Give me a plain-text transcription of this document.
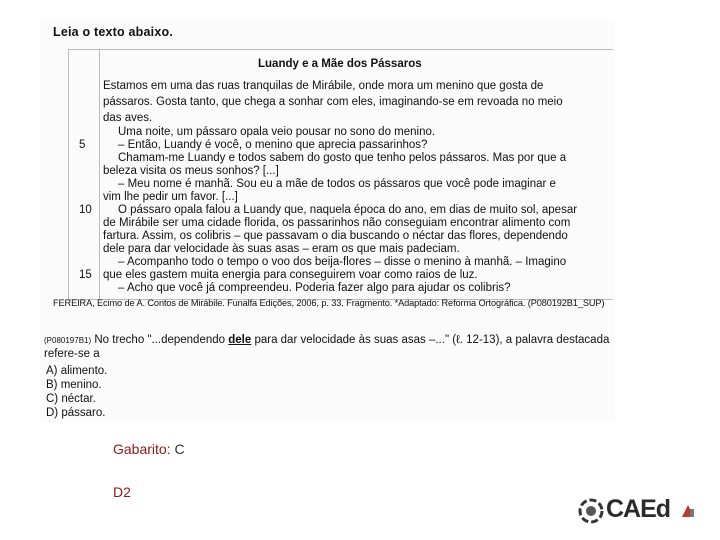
Leia o texto abaixo.
Luandy e a Mãe dos Pássaros
Estamos em uma das ruas tranquilas de Mirábile, onde mora um menino que gosta de
pássaros. Gosta tanto, que chega a sonhar com eles, imaginando-se em revoada no meio
das aves.
Uma noite, um pássaro opala veio pousar no sono do menino.
– Então, Luandy é você, o menino que aprecia passarinhos?
Chamam-me Luandy e todos sabem do gosto que tenho pelos pássaros. Mas por que a
beleza visita os meus sonhos? [...]
– Meu nome é manhã. Sou eu a mãe de todos os pássaros que você pode imaginar e
vim lhe pedir um favor. [...]
O pássaro opala falou a Luandy que, naquela época do ano, em dias de muito sol, apesar
de Mirábile ser uma cidade florida, os passarinhos não conseguiam encontrar alimento com
fartura. Assim, os colibris – que passavam o dia buscando o néctar das flores, dependendo
dele para dar velocidade às suas asas – eram os que mais padeciam.
– Acompanho todo o tempo o voo dos beija-flores – disse o menino à manhã. – Imagino
que eles gastem muita energia para conseguirem voar como raios de luz.
– Acho que você já compreendeu. Poderia fazer algo para ajudar os colibris?
5
10
15
FEREIRA, Ecimo de A. Contos de Mirábile. Funalfa Edições, 2006, p. 33. Fragmento. *Adaptado: Reforma Ortográfica. (P080192B1_SUP)
(P080197B1) No trecho "...dependendo dele para dar velocidade às suas asas –..." (ℓ. 12-13), a palavra destacada
refere-se a
A) alimento.
B) menino.
C) néctar.
D) pássaro.
Gabarito: C
D2
CAEd
